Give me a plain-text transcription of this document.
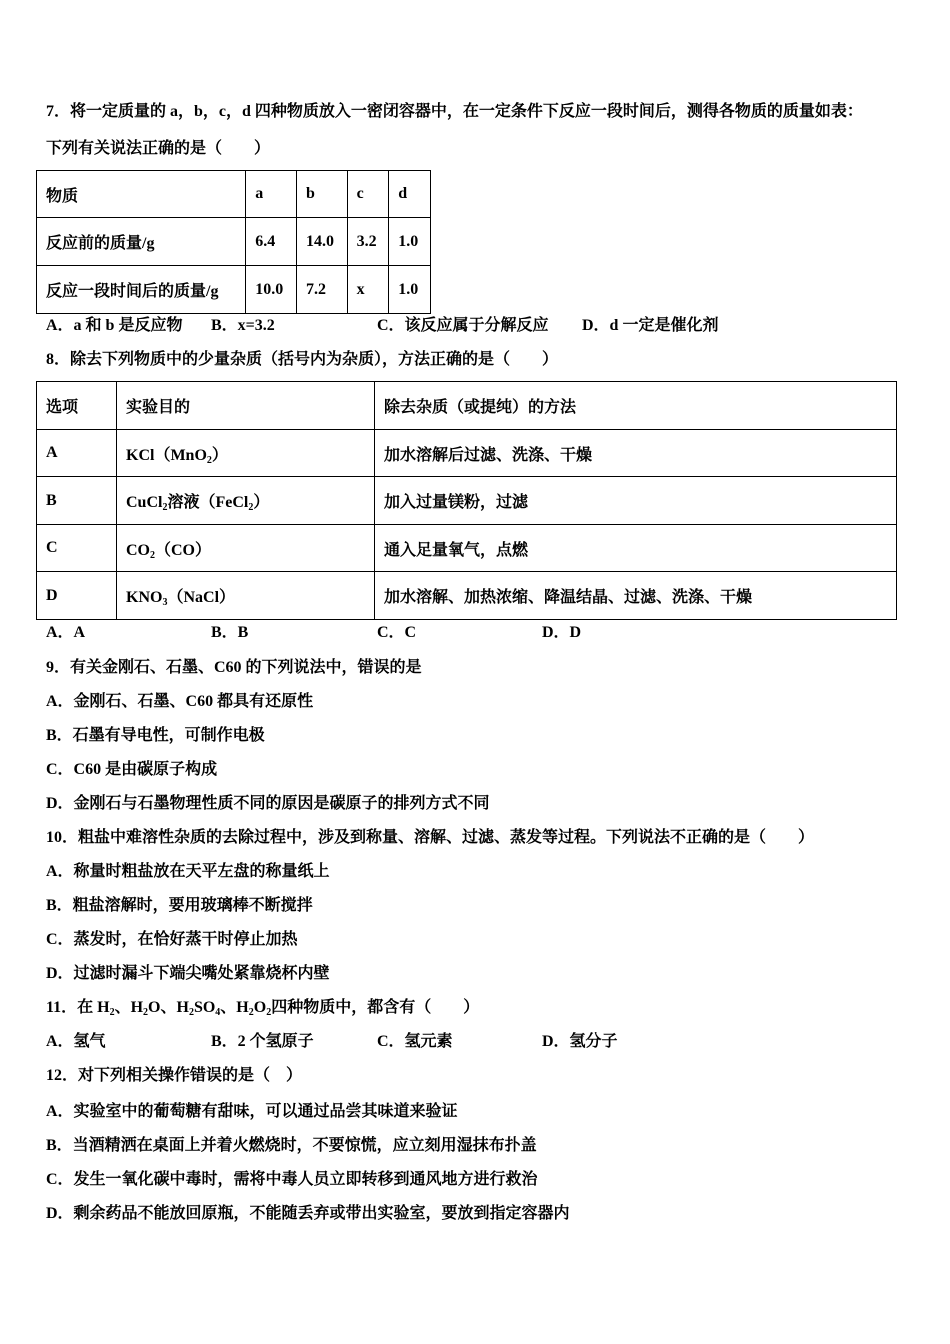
7．将一定质量的 a，b，c，d 四种物质放入一密闭容器中，在一定条件下反应一段时间后，测得各物质的质量如表：
下列有关说法正确的是（　　）
物质	a	b	c	d
反应前的质量/g	6.4	14.0	3.2	1.0
反应一段时间后的质量/g	10.0	7.2	x	1.0
A．a 和 b 是反应物 B．x=3.2	C．该反应属于分解反应 D．d 一定是催化剂
8．除去下列物质中的少量杂质（括号内为杂质），方法正确的是（　　）
选项	实验目的	除去杂质（或提纯）的方法
A	KCl（MnO$_2$）	加水溶解后过滤、洗涤、干燥
B	CuCl$_2$溶液（FeCl$_2$）	加入过量镁粉，过滤
C	$CO_2(CO)$	通入足量氧气，点燃
D	$KNO_3(NaCl)$	加水溶解、加热浓缩、降温结晶、过滤、洗涤、干燥
A．A	B．B	C．C	D．D
9．有关金刚石、石墨、C60 的下列说法中，错误的是
A．金刚石、石墨、C60 都具有还原性
B．石墨有导电性，可制作电极
C．C60 是由碳原子构成
D．金刚石与石墨物理性质不同的原因是碳原子的排列方式不同
10．粗盐中难溶性杂质的去除过程中，涉及到称量、溶解、过滤、蒸发等过程。下列说法不正确的是（　　）
A．称量时粗盐放在天平左盘的称量纸上
B．粗盐溶解时，要用玻璃棒不断搅拌
C．蒸发时，在恰好蒸干时停止加热
D．过滤时漏斗下端尖嘴处紧靠烧杯内壁
11．在 $H_2$、$H_2O$、$H_2SO_4$、$H_2O_2$四种物质中，都含有（　　）
A．氢气	B．2 个氢原子	C．氢元素	D．氢分子
12．对下列相关操作错误的是（　）
A．实验室中的葡萄糖有甜味，可以通过品尝其味道来验证
B．当酒精洒在桌面上并着火燃烧时，不要惊慌，应立刻用湿抹布扑盖
C．发生一氧化碳中毒时，需将中毒人员立即转移到通风地方进行救治
D．剩余药品不能放回原瓶，不能随丢弃或带出实验室，要放到指定容器内
